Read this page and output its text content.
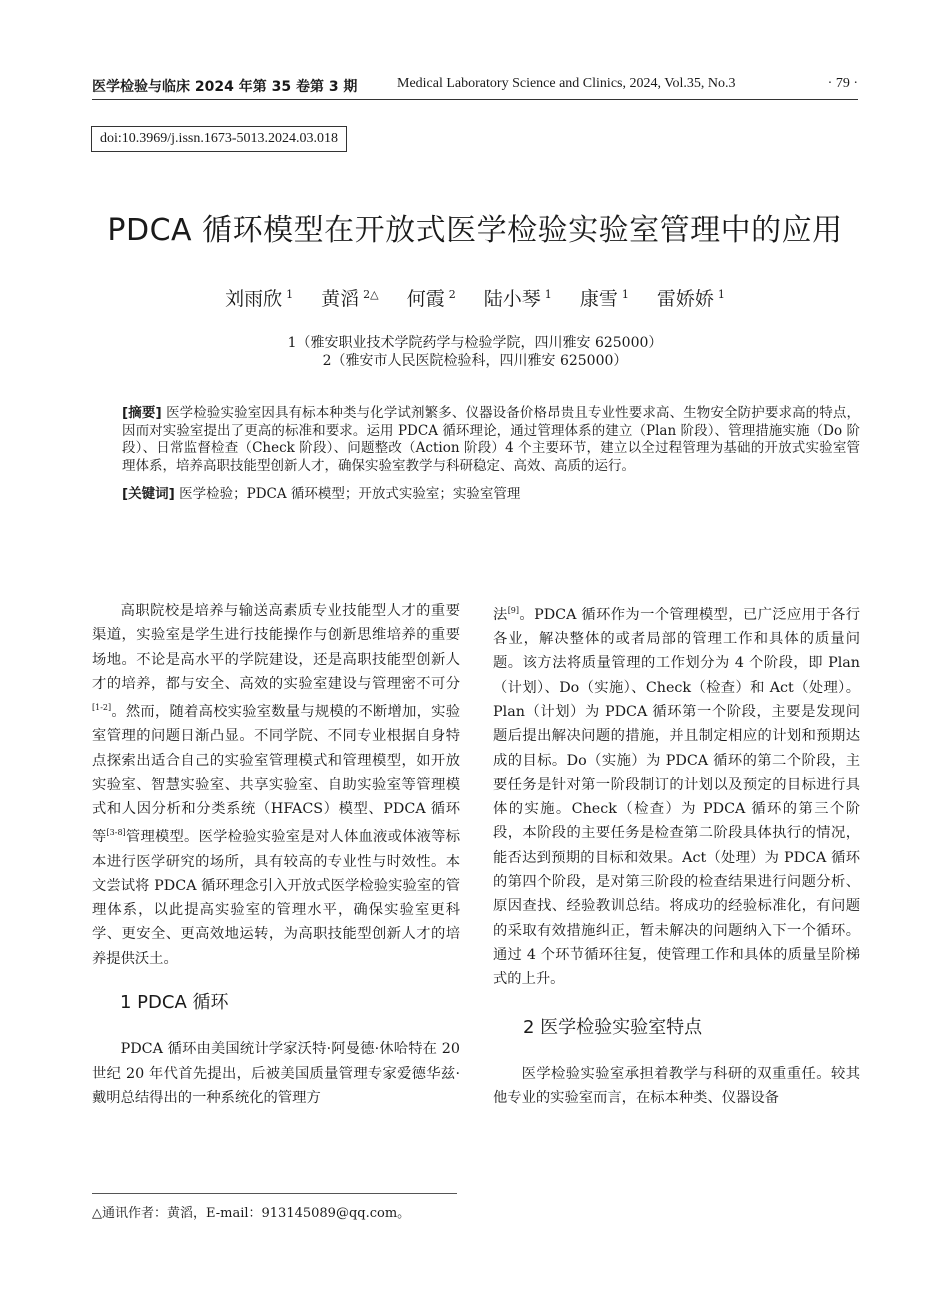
医学检验与临床 2024 年第 35 卷第 3 期	Medical Laboratory Science and Clinics, 2024, Vol.35, No.3	· 79 ·
doi:10.3969/j.issn.1673-5013.2024.03.018
PDCA 循环模型在开放式医学检验实验室管理中的应用
刘雨欣 $^1$ 黄滔 $^{2\triangle}$ 何霞 $^2$ 陆小琴 $^1$ 康雪 $^1$ 雷娇娇 $^1$
1（雅安职业技术学院药学与检验学院，四川雅安 625000）
2（雅安市人民医院检验科，四川雅安 625000）
[摘要] 医学检验实验室因具有标本种类与化学试剂繁多、仪器设备价格昂贵且专业性要求高、生物安全防护要求高的特点，因而对实验室提出了更高的标准和要求。运用 PDCA 循环理论，通过管理体系的建立（Plan 阶段）、管理措施实施（Do 阶段）、日常监督检查（Check 阶段）、问题整改（Action 阶段）4 个主要环节，建立以全过程管理为基础的开放式实验室管理体系，培养高职技能型创新人才，确保实验室教学与科研稳定、高效、高质的运行。
[关键词] 医学检验；PDCA 循环模型；开放式实验室；实验室管理

高职院校是培养与输送高素质专业技能型人才的重要渠道，实验室是学生进行技能操作与创新思维培养的重要场地。不论是高水平的学院建设，还是高职技能型创新人才的培养，都与安全、高效的实验室建设与管理密不可分[1-2]。然而，随着高校实验室数量与规模的不断增加，实验室管理的问题日渐凸显。不同学院、不同专业根据自身特点探索出适合自己的实验室管理模式和管理模型，如开放实验室、智慧实验室、共享实验室、自助实验室等管理模式和人因分析和分类系统（HFACS）模型、PDCA 循环等[3-8]管理模型。医学检验实验室是对人体血液或体液等标本进行医学研究的场所，具有较高的专业性与时效性。本文尝试将 PDCA 循环理念引入开放式医学检验实验室的管理体系，以此提高实验室的管理水平，确保实验室更科学、更安全、更高效地运转，为高职技能型创新人才的培养提供沃土。

1 PDCA 循环

PDCA 循环由美国统计学家沃特·阿曼德·休哈特在 20 世纪 20 年代首先提出，后被美国质量管理专家爱德华兹·戴明总结得出的一种系统化的管理方

法[9]。PDCA 循环作为一个管理模型，已广泛应用于各行各业，解决整体的或者局部的管理工作和具体的质量问题。该方法将质量管理的工作划分为 4 个阶段，即 Plan（计划）、Do（实施）、Check（检查）和 Act（处理）。Plan（计划）为 PDCA 循环第一个阶段，主要是发现问题后提出解决问题的措施，并且制定相应的计划和预期达成的目标。Do（实施）为 PDCA 循环的第二个阶段，主要任务是针对第一阶段制订的计划以及预定的目标进行具体的实施。Check（检查）为 PDCA 循环的第三个阶段，本阶段的主要任务是检查第二阶段具体执行的情况，能否达到预期的目标和效果。Act（处理）为 PDCA 循环的第四个阶段，是对第三阶段的检查结果进行问题分析、原因查找、经验教训总结。将成功的经验标准化，有问题的采取有效措施纠正，暂未解决的问题纳入下一个循环。通过 4 个环节循环往复，使管理工作和具体的质量呈阶梯式的上升。

2 医学检验实验室特点

医学检验实验室承担着教学与科研的双重重任。较其他专业的实验室而言，在标本种类、仪器设备

△通讯作者：黄滔，E-mail：913145089@qq.com。
